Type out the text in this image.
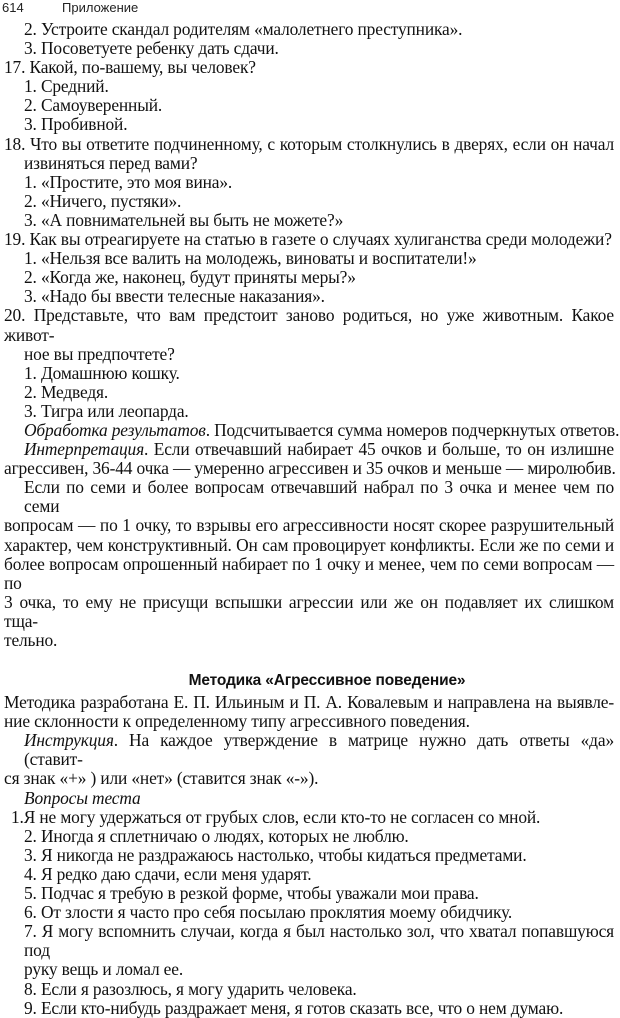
614	Приложение
2. Устроите скандал родителям «малолетнего преступника».
3. Посоветуете ребенку дать сдачи.
17. Какой, по-вашему, вы человек?
1. Средний.
2. Самоуверенный.
3. Пробивной.
18. Что вы ответите подчиненному, с которым столкнулись в дверях, если он начал
извиняться перед вами?
1. «Простите, это моя вина».
2. «Ничего, пустяки».
3. «А повнимательней вы быть не можете?»
19. Как вы отреагируете на статью в газете о случаях хулиганства среди молодежи?
1. «Нельзя все валить на молодежь, виноваты и воспитатели!»
2. «Когда же, наконец, будут приняты меры?»
3. «Надо бы ввести телесные наказания».
20. Представьте, что вам предстоит заново родиться, но уже животным. Какое живот-
ное вы предпочтете?
1. Домашнюю кошку.
2. Медведя.
3. Тигра или леопарда.
Обработка результатов. Подсчитывается сумма номеров подчеркнутых ответов.
Интерпретация. Если отвечавший набирает 45 очков и больше, то он излишне
агрессивен, 36-44 очка — умеренно агрессивен и 35 очков и меньше — миролюбив.
Если по семи и более вопросам отвечавший набрал по 3 очка и менее чем по семи
вопросам — по 1 очку, то взрывы его агрессивности носят скорее разрушительный
характер, чем конструктивный. Он сам провоцирует конфликты. Если же по семи и
более вопросам опрошенный набирает по 1 очку и менее, чем по семи вопросам — по
3 очка, то ему не присущи вспышки агрессии или же он подавляет их слишком тща-
тельно.
Методика «Агрессивное поведение»
Методика разработана Е. П. Ильиным и П. А. Ковалевым и направлена на выявле-
ние склонности к определенному типу агрессивного поведения.
Инструкция. На каждое утверждение в матрице нужно дать ответы «да» (ставит-
ся знак «+» ) или «нет» (ставится знак «-»).
Вопросы теста
1.Я не могу удержаться от грубых слов, если кто-то не согласен со мной.
2. Иногда я сплетничаю о людях, которых не люблю.
3. Я никогда не раздражаюсь настолько, чтобы кидаться предметами.
4. Я редко даю сдачи, если меня ударят.
5. Подчас я требую в резкой форме, чтобы уважали мои права.
6. От злости я часто про себя посылаю проклятия моему обидчику.
7. Я могу вспомнить случаи, когда я был настолько зол, что хватал попавшуюся под
руку вещь и ломал ее.
8. Если я разозлюсь, я могу ударить человека.
9. Если кто-нибудь раздражает меня, я готов сказать все, что о нем думаю.
